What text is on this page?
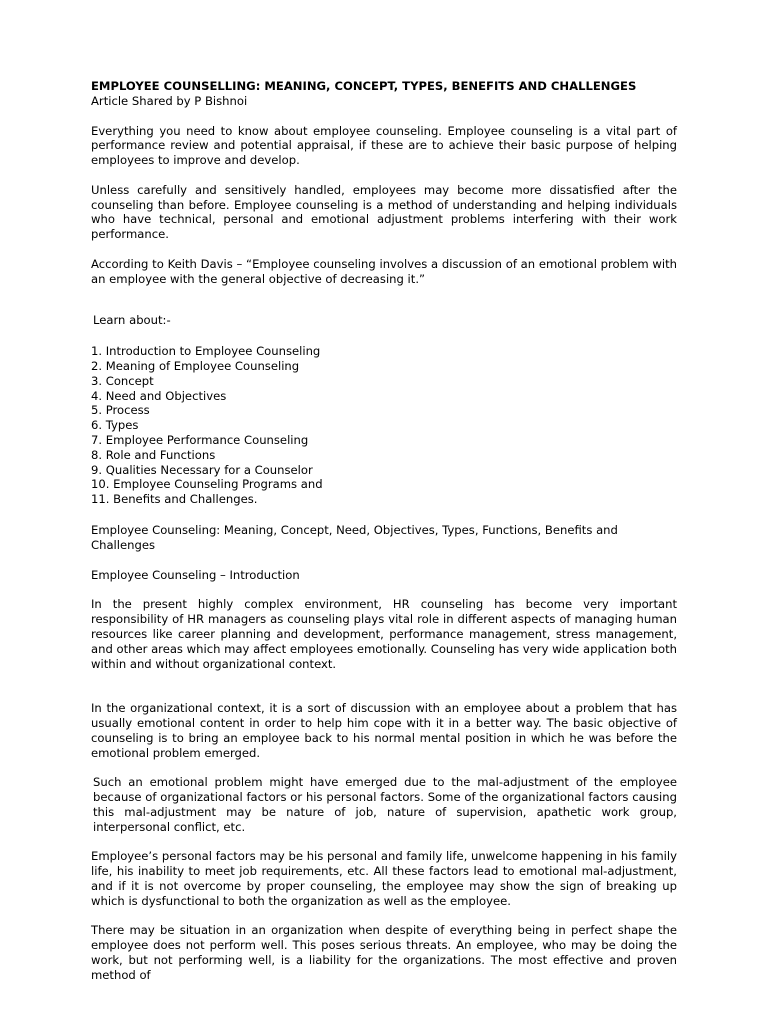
EMPLOYEE COUNSELLING: MEANING, CONCEPT, TYPES, BENEFITS AND CHALLENGES
Article Shared by P Bishnoi

Everything you need to know about employee counseling. Employee counseling is a vital part of performance review and potential appraisal, if these are to achieve their basic purpose of helping employees to improve and develop.

Unless carefully and sensitively handled, employees may become more dissatisfied after the counseling than before. Employee counseling is a method of understanding and helping individuals who have technical, personal and emotional adjustment problems interfering with their work performance.

According to Keith Davis – “Employee counseling involves a discussion of an emotional problem with an employee with the general objective of decreasing it.”

Learn about:-
1. Introduction to Employee Counseling
2. Meaning of Employee Counseling
3. Concept
4. Need and Objectives
5. Process
6. Types
7. Employee Performance Counseling
8. Role and Functions
9. Qualities Necessary for a Counselor
10. Employee Counseling Programs and
11. Benefits and Challenges.
Employee Counseling: Meaning, Concept, Need, Objectives, Types, Functions, Benefits and Challenges
Employee Counseling – Introduction

In the present highly complex environment, HR counseling has become very important responsibility of HR managers as counseling plays vital role in different aspects of managing human resources like career planning and development, performance management, stress management, and other areas which may affect employees emotionally. Counseling has very wide application both within and without organizational context.

In the organizational context, it is a sort of discussion with an employee about a problem that has usually emotional content in order to help him cope with it in a better way. The basic objective of counseling is to bring an employee back to his normal mental position in which he was before the emotional problem emerged.

Such an emotional problem might have emerged due to the mal-adjustment of the employee because of organizational factors or his personal factors. Some of the organizational factors causing this mal-adjustment may be nature of job, nature of supervision, apathetic work group, interpersonal conflict, etc.

Employee’s personal factors may be his personal and family life, unwelcome happening in his family life, his inability to meet job requirements, etc. All these factors lead to emotional mal-adjustment, and if it is not overcome by proper counseling, the employee may show the sign of breaking up which is dysfunctional to both the organization as well as the employee.

There may be situation in an organization when despite of everything being in perfect shape the employee does not perform well. This poses serious threats. An employee, who may be doing the work, but not performing well, is a liability for the organizations. The most effective and proven method of
